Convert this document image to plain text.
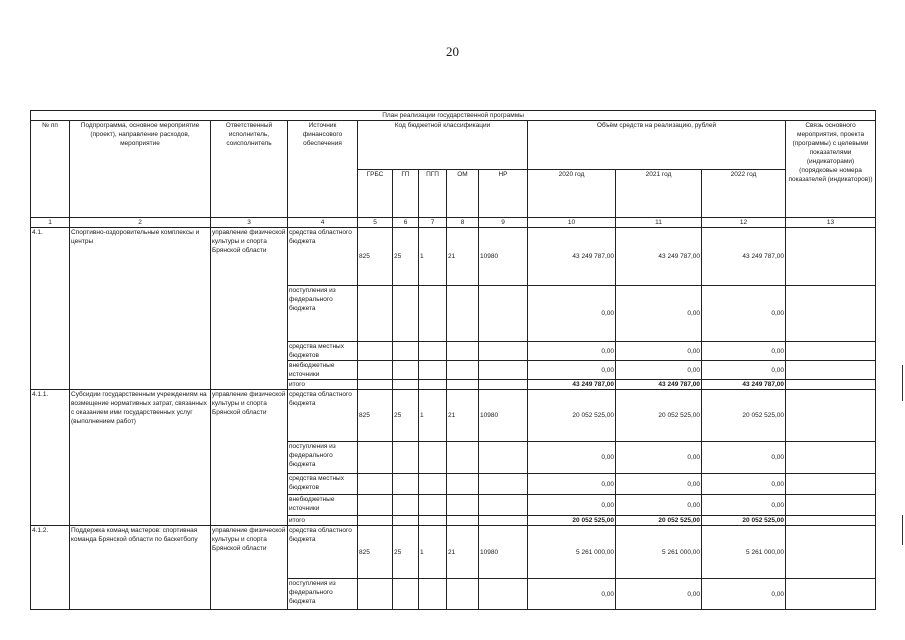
20
План реализации государственной программы												
№ пп	Подпрограмма, основное мероприятие (проект), направление расходов, мероприятие	Ответственный исполнитель, соисполнитель	Источник финансового обеспечения	Код бюджетной классификации					Объём средств на реализацию, рублей			Связь основного мероприятия, проекта (программы) с целевыми показателями (индикаторами) (порядковые номера показателей (индикаторов))
				ГРБС	ГП	ПГП	ОМ	НР	2020 год	2021 год	2022 год	
1	2	3	4	5	6	7	8	9	10	11	12	13
4.1.	Спортивно-оздоровительные комплексы и центры	управление физической культуры и спорта Брянской области	средства областного бюджета	825	25	1	21	10980	43 249 787,00	43 249 787,00	43 249 787,00	
			поступления из федерального бюджета						0,00	0,00	0,00	
			средства местных бюджетов						0,00	0,00	0,00	
			внебюджетные источники						0,00	0,00	0,00	
			итого						43 249 787,00	43 249 787,00	43 249 787,00	
4.1.1.	Субсидии государственным учреждениям на возмещение нормативных затрат, связанных с оказанием ими государственных услуг (выполнением работ)	управление физической культуры и спорта Брянской области	средства областного бюджета	825	25	1	21	10980	20 052 525,00	20 052 525,00	20 052 525,00	
			поступления из федерального бюджета						0,00	0,00	0,00	
			средства местных бюджетов						0,00	0,00	0,00	
			внебюджетные источники						0,00	0,00	0,00	
			итого						20 052 525,00	20 052 525,00	20 052 525,00	
4.1.2.	Поддержка команд мастеров: спортивная команда Брянской области по баскетболу	управление физической культуры и спорта Брянской области	средства областного бюджета	825	25	1	21	10980	5 261 000,00	5 261 000,00	5 261 000,00	
			поступления из федерального бюджета						0,00	0,00	0,00	
